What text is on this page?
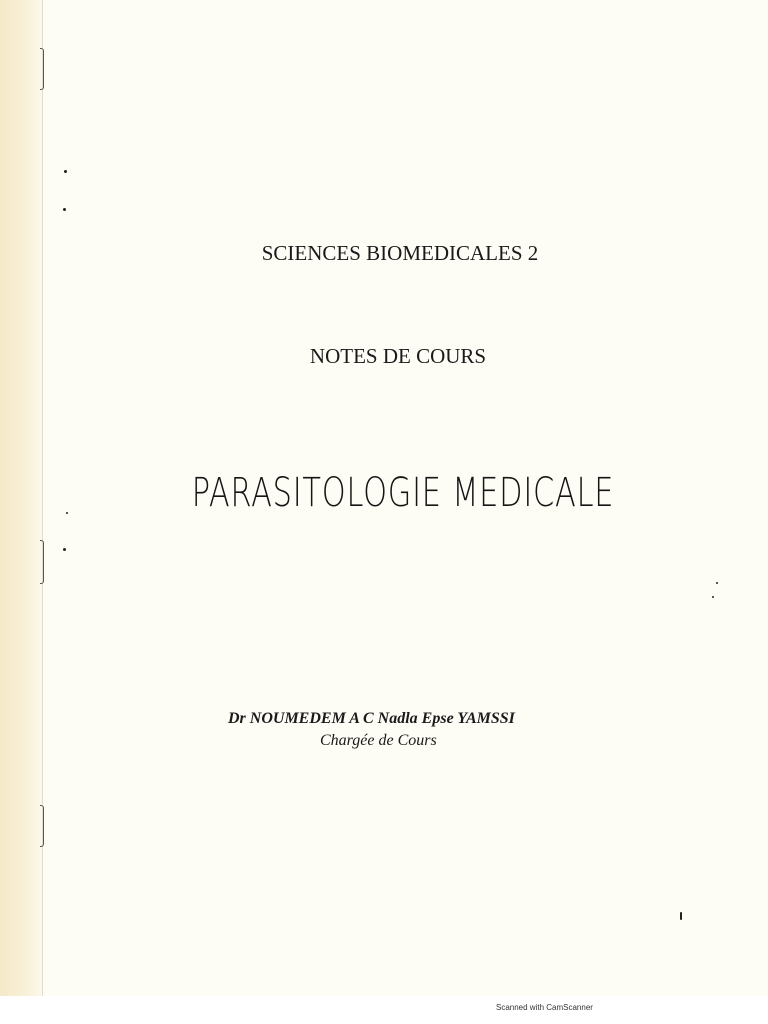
SCIENCES BIOMEDICALES 2
NOTES DE COURS
PARASITOLOGIE MEDICALE
Dr NOUMEDEM A C Nadla Epse YAMSSI
Chargée de Cours
Scanned with CamScanner
